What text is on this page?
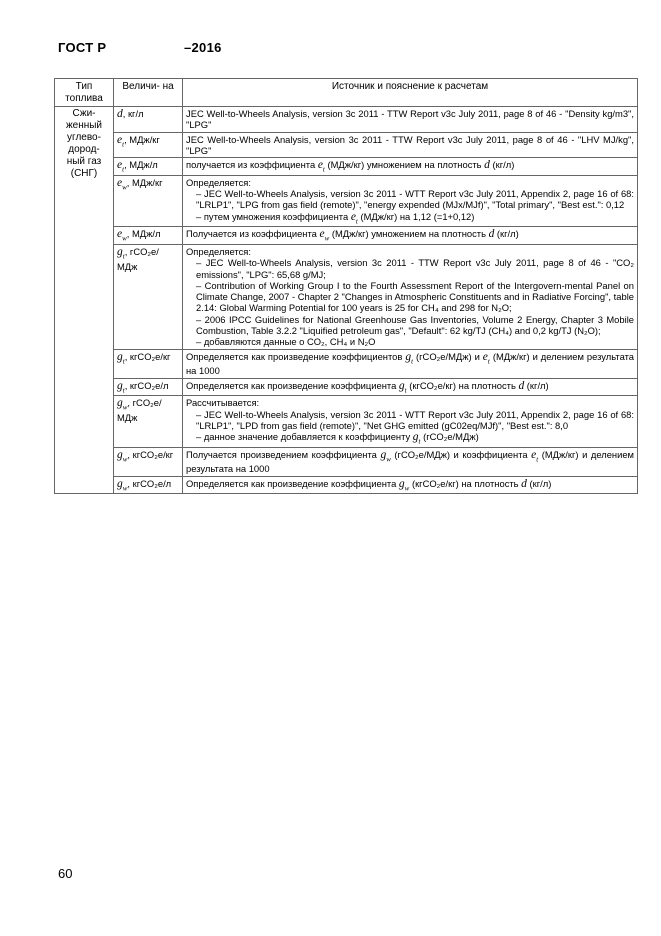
ГОСТ Р	–2016
Тип топлива	Величи- на	Источник и пояснение к расчетам
Сжи- женный углево- дород- ный газ (СНГ)	d, кг/л	JEC Well-to-Wheels Analysis, version 3c 2011 - TTW Report v3c July 2011, page 8 of 46 - "Density kg/m3", "LPG"

	$e_t$, МДж/кг	JEC Well-to-Wheels Analysis, version 3c 2011 - TTW Report v3c July 2011, page 8 of 46 - "LHV MJ/kg", "LPG"

	$e_t$, МДж/л	получается из коэффициента $e_t$ (МДж/кг) умножением на плотность d (кг/л)

	$e_w$, МДж/кг	Определяется:
– JEC Well-to-Wheels Analysis, version 3c 2011 - WTT Report v3c July 2011, Appendix 2, page 16 of 68: "LRLP1", "LPG from gas field (remote)", "energy expended (MJx/MJf)", "Total primary", "Best est.": 0,12
– путем умножения коэффициента $e_t$ (МДж/кг) на 1,12 (=1+0,12)

	$e_w$, МДж/л	Получается из коэффициента $e_w$ (МДж/кг) умножением на плотность d (кг/л)

	$g_t$, гCO₂e/МДж	Определяется:
– JEC Well-to-Wheels Analysis, version 3c 2011 - TTW Report v3c July 2011, page 8 of 46 - "CO₂ emissions", "LPG": 65,68 g/MJ;
– Contribution of Working Group I to the Fourth Assessment Report of the Intergovern-mental Panel on Climate Change, 2007 - Chapter 2 "Changes in Atmospheric Constituents and in Radiative Forcing", table 2.14: Global Warming Potential for 100 years is 25 for CH₄ and 298 for N₂O;
– 2006 IPCC Guidelines for National Greenhouse Gas Inventories, Volume 2 Energy, Chapter 3 Mobile Combustion, Table 3.2.2 "Liquified petroleum gas", "Default": 62 kg/TJ (CH₄) and 0,2 kg/TJ (N₂O);
– добавляются данные о CO₂, CH₄ и N₂O

	$g_t$, кгCO₂e/кг	Определяется как произведение коэффициентов $g_t$ (гCO₂e/МДж) и $e_t$ (МДж/кг) и делением результата на 1000

	$g_t$, кгCO₂e/л	Определяется как произведение коэффициента $g_t$ (кгCO₂e/кг) на плотность d (кг/л)

	$g_w$, гCO₂e/МДж	Рассчитывается:
– JEC Well-to-Wheels Analysis, version 3c 2011 - WTT Report v3c July 2011, Appendix 2, page 16 of 68: "LRLP1", "LPD from gas field (remote)", "Net GHG emitted (gC02eq/MJf)", "Best est.": 8,0
– данное значение добавляется к коэффициенту $g_t$ (гCO₂e/МДж)

	$g_w$, кгCO₂e/кг	Получается произведением коэффициента $g_w$ (гCO₂e/МДж) и коэффициента $e_t$ (МДж/кг) и делением результата на 1000

	$g_w$, кгCO₂e/л	Определяется как произведение коэффициента $g_w$ (кгCO₂e/кг) на плотность d (кг/л)
60
